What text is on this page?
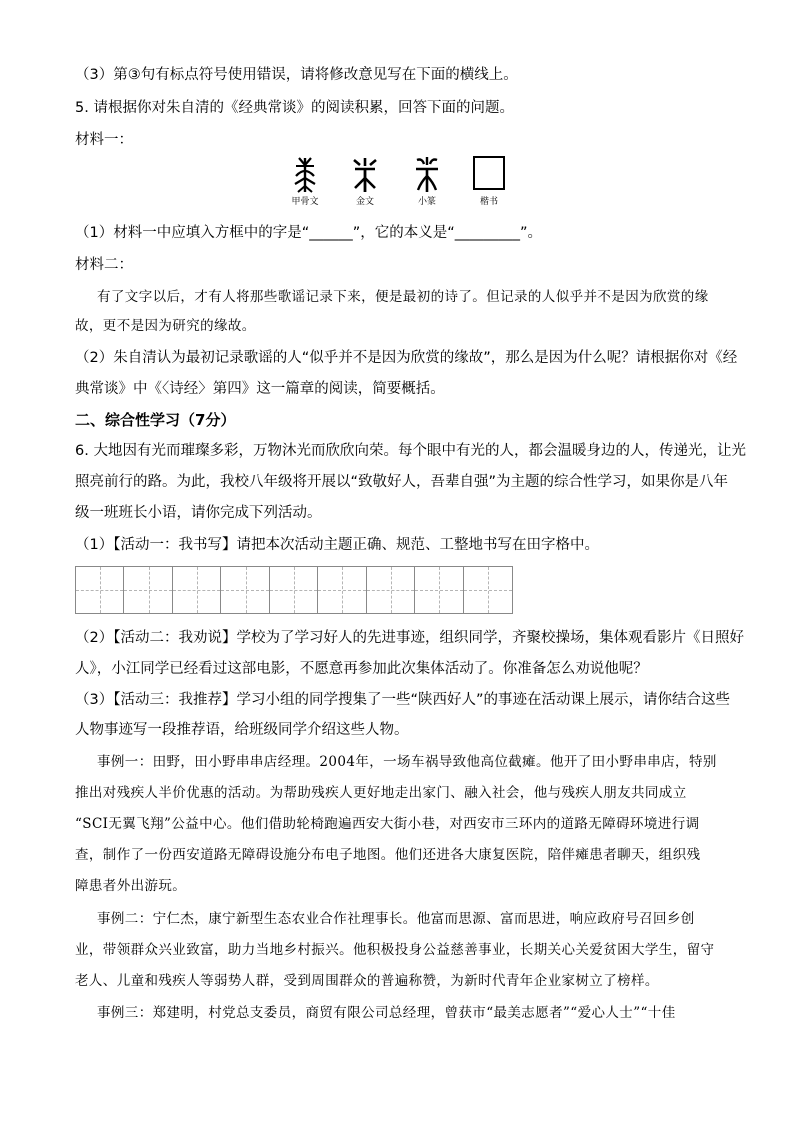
（3）第③句有标点符号使用错误，请将修改意见写在下面的横线上。
5. 请根据你对朱自清的《经典常谈》的阅读积累，回答下面的问题。
材料一：
甲骨文	金文	小篆	楷书
（1）材料一中应填入方框中的字是“______”，它的本义是“_________”。
材料二：
有了文字以后，才有人将那些歌谣记录下来，便是最初的诗了。但记录的人似乎并不是因为欣赏的缘
故，更不是因为研究的缘故。
（2）朱自清认为最初记录歌谣的人“似乎并不是因为欣赏的缘故”，那么是因为什么呢？请根据你对《经
典常谈》中《〈诗经〉第四》这一篇章的阅读，简要概括。
二、综合性学习（7分）
6. 大地因有光而璀璨多彩，万物沐光而欣欣向荣。每个眼中有光的人，都会温暖身边的人，传递光，让光
照亮前行的路。为此，我校八年级将开展以“致敬好人，吾辈自强”为主题的综合性学习，如果你是八年
级一班班长小语，请你完成下列活动。
（1）【活动一：我书写】请把本次活动主题正确、规范、工整地书写在田字格中。
（2）【活动二：我劝说】学校为了学习好人的先进事迹，组织同学，齐聚校操场，集体观看影片《日照好
人》，小江同学已经看过这部电影，不愿意再参加此次集体活动了。你准备怎么劝说他呢？
（3）【活动三：我推荐】学习小组的同学搜集了一些“陕西好人”的事迹在活动课上展示，请你结合这些
人物事迹写一段推荐语，给班级同学介绍这些人物。
事例一：田野，田小野串串店经理。2004年，一场车祸导致他高位截瘫。他开了田小野串串店，特别
推出对残疾人半价优惠的活动。为帮助残疾人更好地走出家门、融入社会，他与残疾人朋友共同成立
“SCI无翼飞翔”公益中心。他们借助轮椅跑遍西安大街小巷，对西安市三环内的道路无障碍环境进行调
查，制作了一份西安道路无障碍设施分布电子地图。他们还进各大康复医院，陪伴瘫患者聊天，组织残
障患者外出游玩。
事例二：宁仁杰，康宁新型生态农业合作社理事长。他富而思源、富而思进，响应政府号召回乡创
业，带领群众兴业致富，助力当地乡村振兴。他积极投身公益慈善事业，长期关心关爱贫困大学生，留守
老人、儿童和残疾人等弱势人群，受到周围群众的普遍称赞，为新时代青年企业家树立了榜样。
事例三：郑建明，村党总支委员，商贸有限公司总经理，曾获市“最美志愿者”“爱心人士”“十佳
